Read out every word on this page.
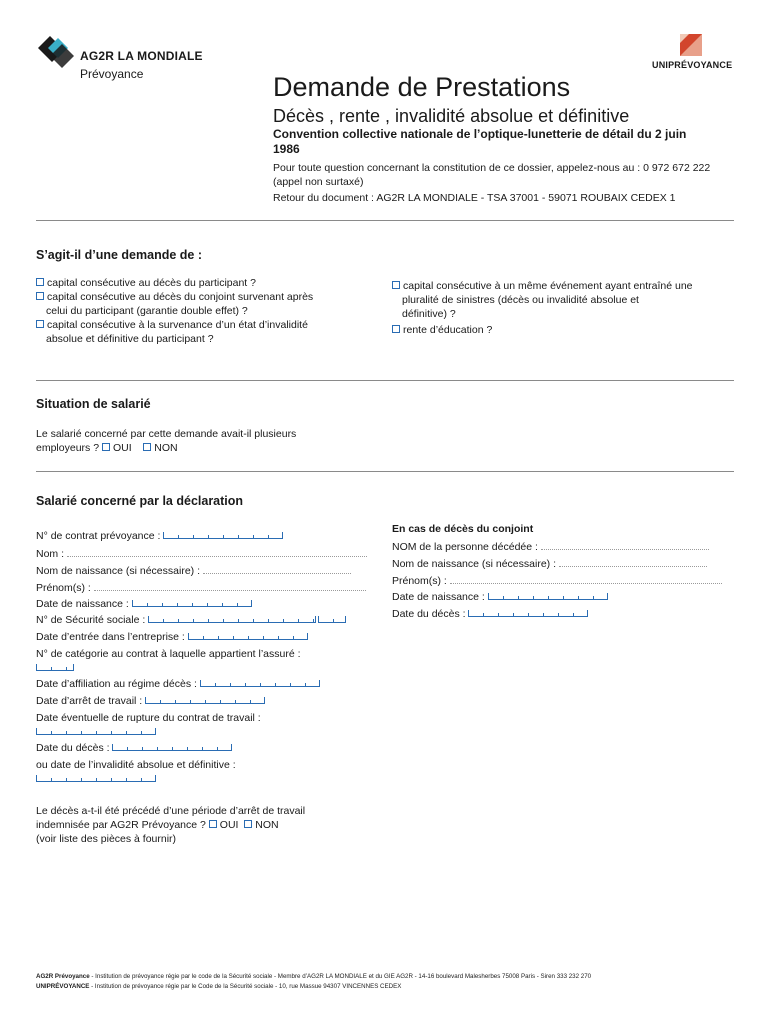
AG2R LA MONDIALE
Prévoyance
UNIPRÉVOYANCE
Demande de Prestations
Décès , rente , invalidité absolue et définitive
Convention collective nationale de l’optique-lunetterie de détail du 2 juin 1986
Pour toute question concernant la constitution de ce dossier, appelez-nous au : 0 972 672 222 (appel non surtaxé)
Retour du document : AG2R LA MONDIALE - TSA 37001 - 59071 ROUBAIX CEDEX 1
S’agit-il d’une demande de :
capital consécutive au décès du participant ?
capital consécutive au décès du conjoint survenant après
celui du participant (garantie double effet) ?
capital consécutive à la survenance d’un état d’invalidité
absolue et définitive du participant ?
capital consécutive à un même événement ayant entraîné une
pluralité de sinistres (décès ou invalidité absolue et
définitive) ?
rente d’éducation ?
Situation de salarié
Le salarié concerné par cette demande avait-il plusieurs
employeurs ? OUI NON
Salarié concerné par la déclaration
N° de contrat prévoyance :
Nom :
Nom de naissance (si nécessaire) :
Prénom(s) :
Date de naissance :
N° de Sécurité sociale :
Date d’entrée dans l’entreprise :
N° de catégorie au contrat à laquelle appartient l’assuré :

Date d’affiliation au régime décès :
Date d’arrêt de travail :
Date éventuelle de rupture du contrat de travail :

Date du décès :
ou date de l’invalidité absolue et définitive :

Le décès a-t-il été précédé d’une période d’arrêt de travail
indemnisée par AG2R Prévoyance ? OUI NON
(voir liste des pièces à fournir)
En cas de décès du conjoint
NOM de la personne décédée :
Nom de naissance (si nécessaire) :
Prénom(s) :
Date de naissance :
Date du décès :
AG2R Prévoyance - Institution de prévoyance régie par le code de la Sécurité sociale - Membre d’AG2R LA MONDIALE et du GIE AG2R - 14-16 boulevard Malesherbes 75008 Paris - Siren 333 232 270
UNIPRÉVOYANCE - Institution de prévoyance régie par le Code de la Sécurité sociale - 10, rue Massue 94307 VINCENNES CEDEX
